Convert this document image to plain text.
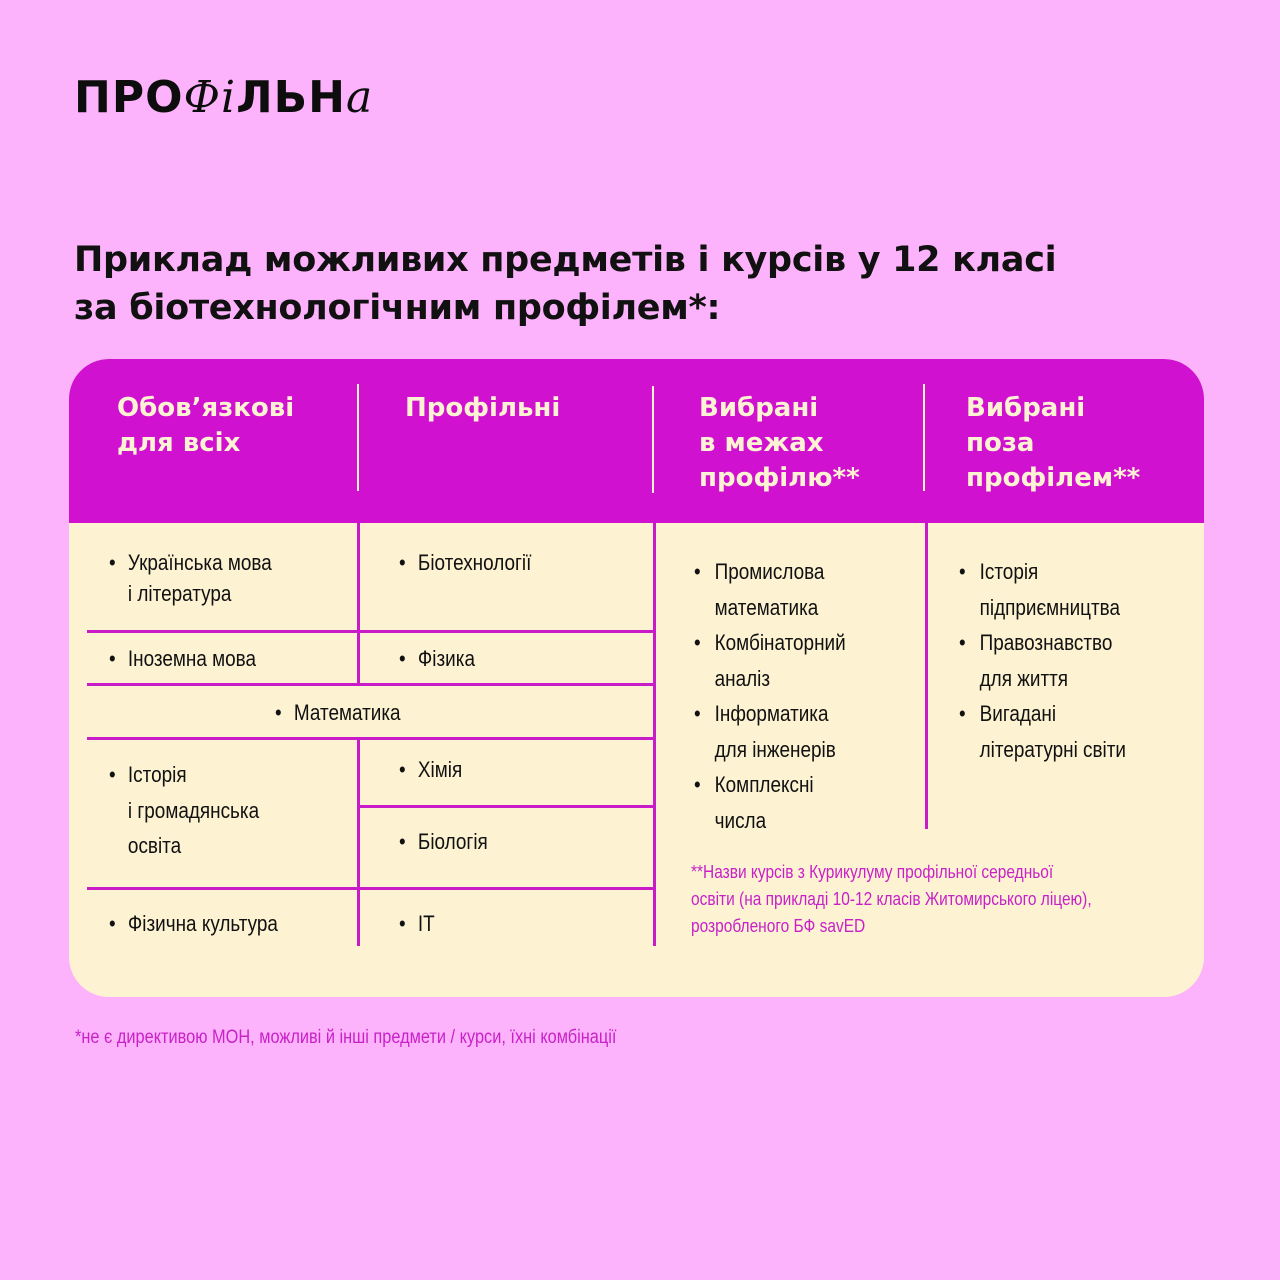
ПРОФіЛЬНа
Приклад можливих предметів і курсів у 12 класі
за біотехнологічним профілем*:
Обов’язкові
для всіх
Профільні	Вибрані
в межах
профілю**
Вибрані
поза
профілем**
• Українська мова
і література
• Іноземна мова
• Математика
• Історія
і громадянська
освіта
• Фізична культура
• Біотехнології
• Фізика
• Хімія
• Біологія
• ІТ
• Промислова
математика
• Комбінаторний
аналіз
• Інформатика
для інженерів
• Комплексні
числа
• Історія
підприємництва
• Правознавство
для життя
• Вигадані
літературні світи
**Назви курсів з Курикулуму профільної середньої
освіти (на прикладі 10-12 класів Житомирського ліцею),
розробленого БФ savED
*не є директивою МОН, можливі й інші предмети / курси, їхні комбінації
